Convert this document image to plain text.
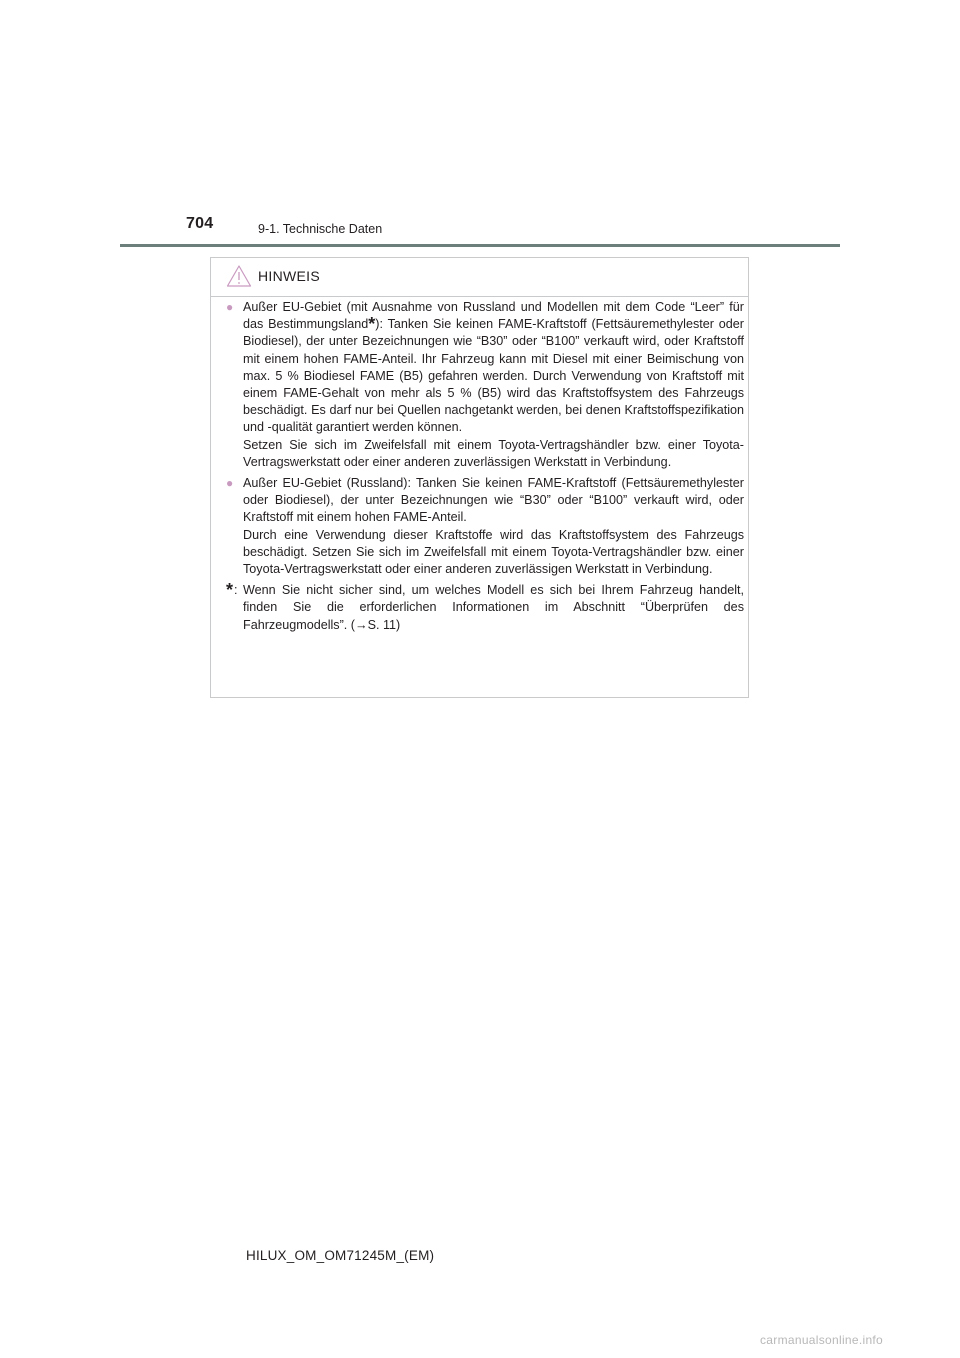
704	9-1. Technische Daten
HINWEIS
● Außer EU-Gebiet (mit Ausnahme von Russland und Modellen mit dem Code “Leer” für das Bestimmungsland*): Tanken Sie keinen FAME-Kraftstoff (Fettsäuremethylester oder Biodiesel), der unter Bezeichnungen wie “B30” oder “B100” verkauft wird, oder Kraftstoff mit einem hohen FAME-Anteil. Ihr Fahrzeug kann mit Diesel mit einer Beimischung von max. 5 % Biodiesel FAME (B5) gefahren werden. Durch Verwendung von Kraftstoff mit einem FAME-Gehalt von mehr als 5 % (B5) wird das Kraftstoffsystem des Fahrzeugs beschädigt. Es darf nur bei Quellen nachgetankt werden, bei denen Kraftstoffspezifikation und -qualität garantiert werden können.

Setzen Sie sich im Zweifelsfall mit einem Toyota-Vertragshändler bzw. einer Toyota-Vertragswerkstatt oder einer anderen zuverlässigen Werkstatt in Verbindung.

● Außer EU-Gebiet (Russland): Tanken Sie keinen FAME-Kraftstoff (Fettsäuremethylester oder Biodiesel), der unter Bezeichnungen wie “B30” oder “B100” verkauft wird, oder Kraftstoff mit einem hohen FAME-Anteil.

Durch eine Verwendung dieser Kraftstoffe wird das Kraftstoffsystem des Fahrzeugs beschädigt. Setzen Sie sich im Zweifelsfall mit einem Toyota-Vertragshändler bzw. einer Toyota-Vertragswerkstatt oder einer anderen zuverlässigen Werkstatt in Verbindung.

* : Wenn Sie nicht sicher sind, um welches Modell es sich bei Ihrem Fahrzeug handelt, finden Sie die erforderlichen Informationen im Abschnitt “Überprüfen des Fahrzeugmodells”. (→S. 11)
HILUX_OM_OM71245M_(EM)
carmanualsonline.info
